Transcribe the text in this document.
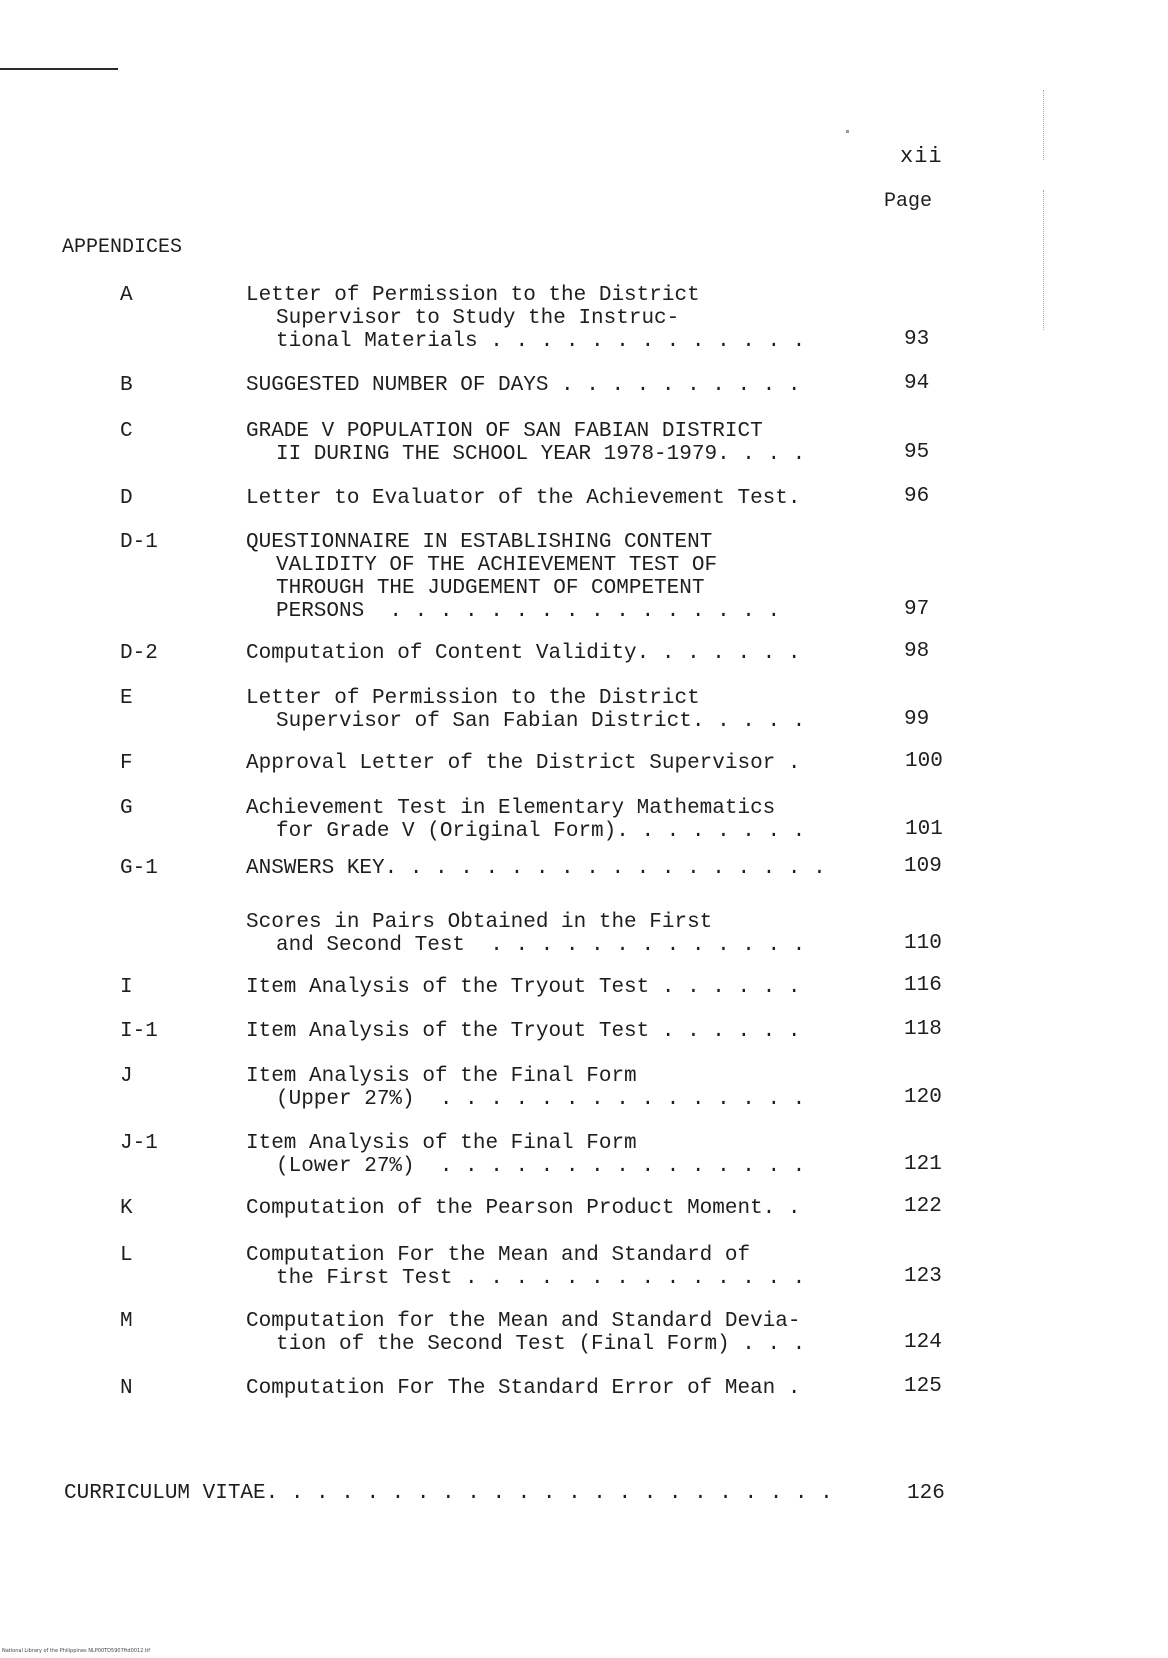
xii
Page
APPENDICES
A	Letter of Permission to the District
Supervisor to Study the Instruc-
tional Materials . . . . . . . . . . . . .	93
B	SUGGESTED NUMBER OF DAYS . . . . . . . . . .	94
C	GRADE V POPULATION OF SAN FABIAN DISTRICT
II DURING THE SCHOOL YEAR 1978-1979. . . .	95
D	Letter to Evaluator of the Achievement Test.	96
D-1	QUESTIONNAIRE IN ESTABLISHING CONTENT
VALIDITY OF THE ACHIEVEMENT TEST OF
THROUGH THE JUDGEMENT OF COMPETENT
PERSONS  . . . . . . . . . . . . . . . .	97
D-2	Computation of Content Validity. . . . . . .	98
E	Letter of Permission to the District
Supervisor of San Fabian District. . . . .	99
F	Approval Letter of the District Supervisor .	100
G	Achievement Test in Elementary Mathematics
for Grade V (Original Form). . . . . . . .	101
G-1	ANSWERS KEY. . . . . . . . . . . . . . . . . .	109
Scores in Pairs Obtained in the First
and Second Test  . . . . . . . . . . . . .	110
I	Item Analysis of the Tryout Test . . . . . .	116
I-1	Item Analysis of the Tryout Test . . . . . .	118
J	Item Analysis of the Final Form
(Upper 27%)  . . . . . . . . . . . . . . .	120
J-1	Item Analysis of the Final Form
(Lower 27%)  . . . . . . . . . . . . . . .	121
K	Computation of the Pearson Product Moment. .	122
L	Computation For the Mean and Standard of
the First Test . . . . . . . . . . . . . .	123
M	Computation for the Mean and Standard Devia-
tion of the Second Test (Final Form) . . .	124
N	Computation For The Standard Error of Mean .	125
CURRICULUM VITAE. . . . . . . . . . . . . . . . . . . . . . .	126
National Library of the Philippines NLP00TD5907ftd0012.tif
